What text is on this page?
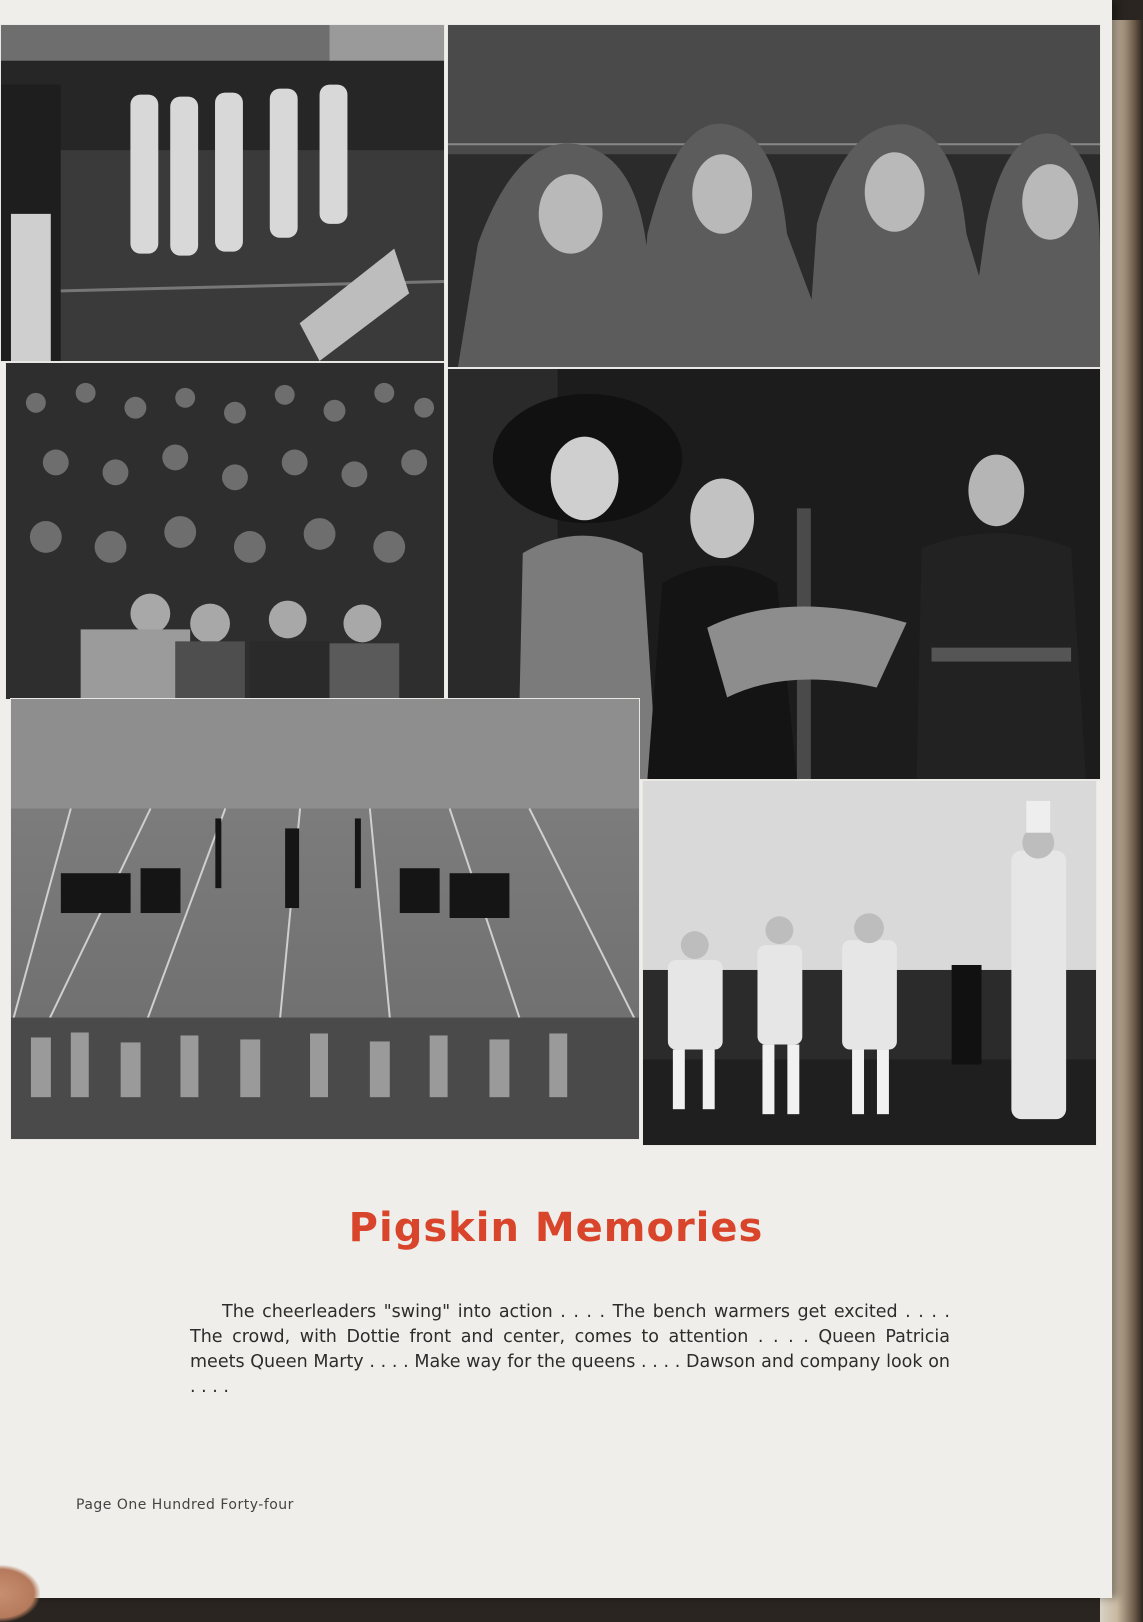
Pigskin Memories

The cheerleaders "swing" into action . . . . The bench warmers get excited . . . . The crowd, with Dottie front and center, comes to attention . . . . Queen Patricia meets Queen Marty . . . . Make way for the queens . . . . Dawson and company look on . . . .

Page One Hundred Forty-four
